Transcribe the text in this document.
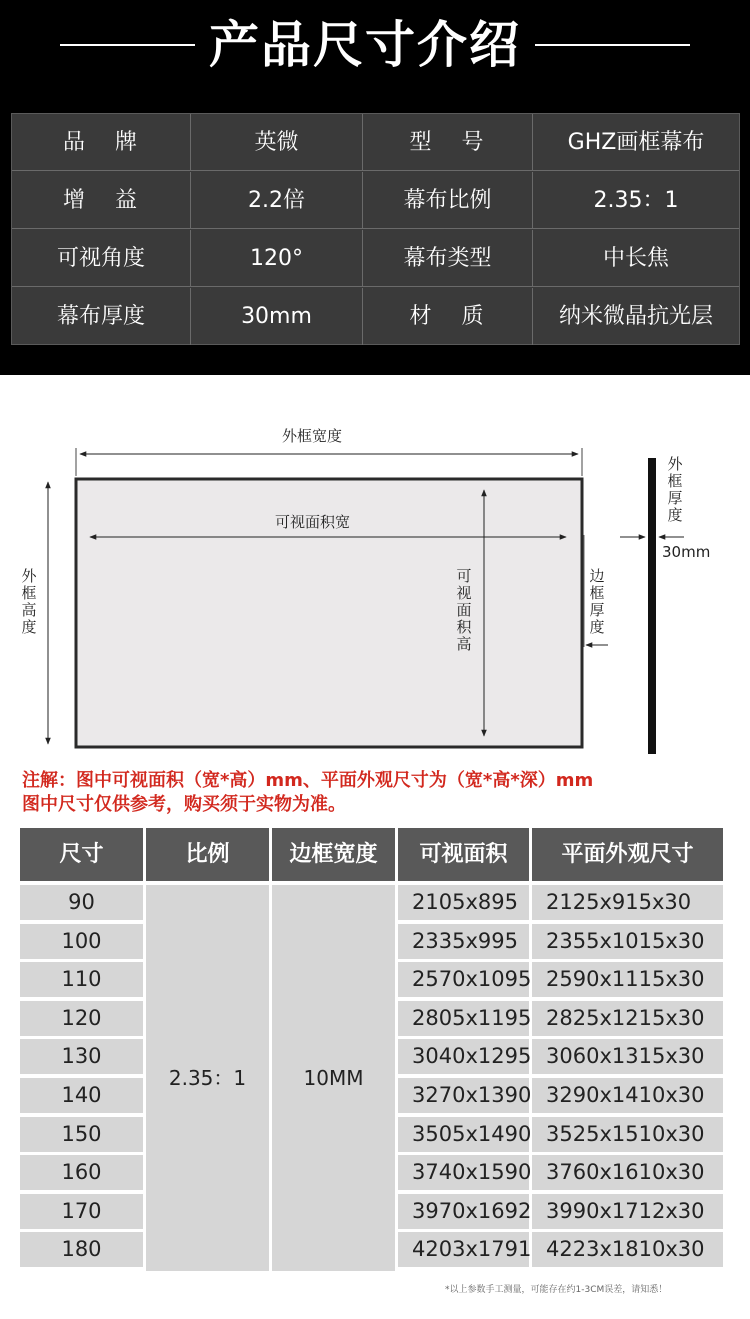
产品尺寸介绍
品牌	英微	型号	GHZ画框幕布
增益	2.2倍	幕布比例	2.35：1
可视角度	120°	幕布类型	中长焦
幕布厚度	30mm	材质	纳米微晶抗光层
外框宽度
外框高度
可视面积宽
可视面积高
边框厚度
外框厚度
30mm
注解：图中可视面积（宽*高）mm、平面外观尺寸为（宽*高*深）mm
图中尺寸仅供参考，购买须于实物为准。
尺寸	比例	边框宽度	可视面积	平面外观尺寸
2.35：1	10MM
90	2105x895	2125x915x30
100	2335x995	2355x1015x30
110	2570x1095 2590x1115x30
120	2805x1195 2825x1215x30
130	3040x1295 3060x1315x30
140	3270x1390 3290x1410x30
150	3505x1490 3525x1510x30
160	3740x1590 3760x1610x30
170	3970x1692 3990x1712x30
180	4203x1791 4223x1810x30
*以上参数手工测量，可能存在约1-3CM误差，请知悉！
